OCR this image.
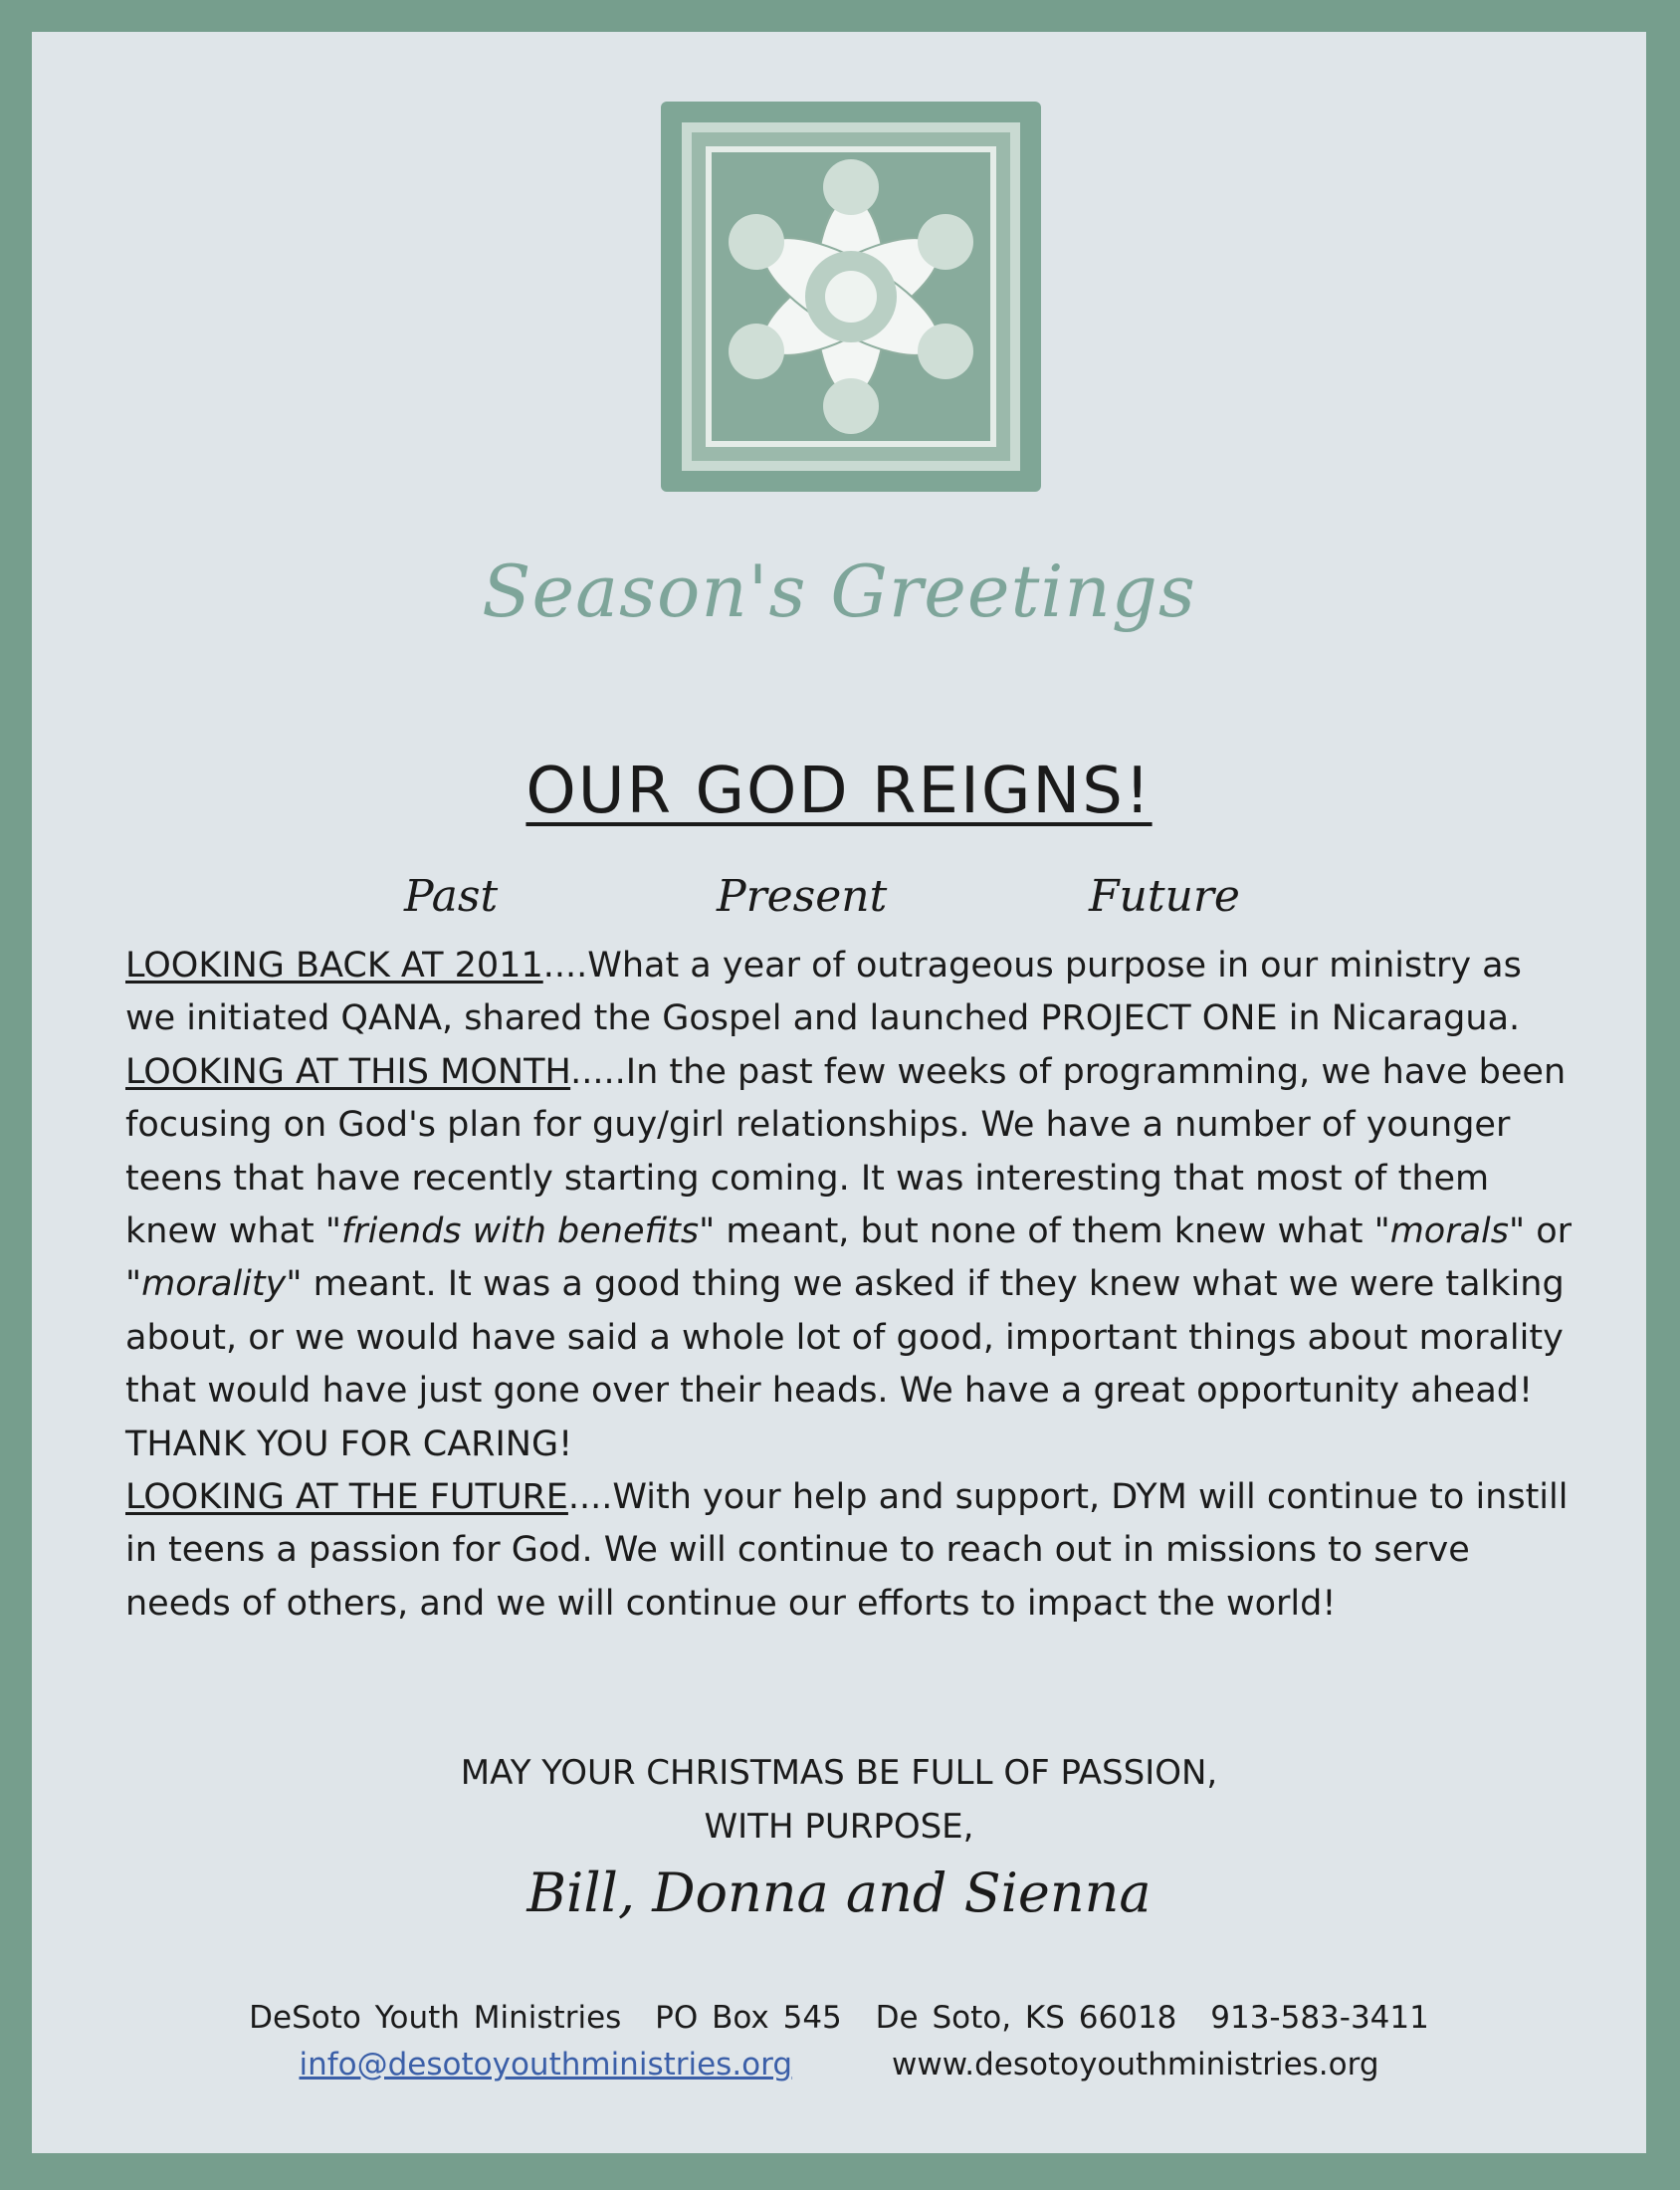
Season's Greetings
OUR GOD REIGNS!
Past	Present	Future

LOOKING BACK AT 2011....What a year of outrageous purpose in our ministry as we initiated QANA, shared the Gospel and launched PROJECT ONE in Nicaragua.

LOOKING AT THIS MONTH.....In the past few weeks of programming, we have been focusing on God's plan for guy/girl relationships. We have a number of younger teens that have recently starting coming. It was interesting that most of them knew what "friends with benefits" meant, but none of them knew what "morals" or "morality" meant. It was a good thing we asked if they knew what we were talking about, or we would have said a whole lot of good, important things about morality that would have just gone over their heads. We have a great opportunity ahead! THANK YOU FOR CARING!

LOOKING AT THE FUTURE....With your help and support, DYM will continue to instill in teens a passion for God. We will continue to reach out in missions to serve needs of others, and we will continue our efforts to impact the world!

MAY YOUR CHRISTMAS BE FULL OF PASSION,
WITH PURPOSE,
Bill, Donna and Sienna
DeSoto Youth Ministries PO Box 545 De Soto, KS 66018 913-583-3411
info@desotoyouthministries.org	www.desotoyouthministries.org
